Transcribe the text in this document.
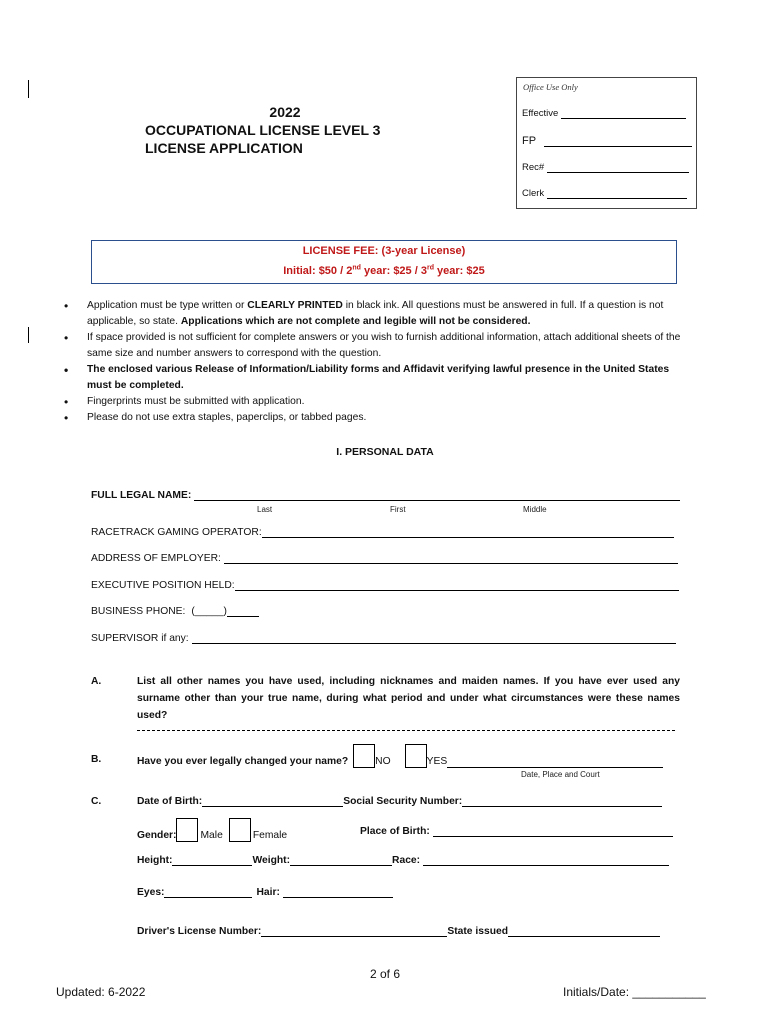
2022
OCCUPATIONAL LICENSE LEVEL 3
LICENSE APPLICATION
Office Use Only
Effective
FP
Rec#
Clerk
LICENSE FEE: (3-year License)
Initial: $50 / 2nd year: $25 / 3rd year: $25
• Application must be type written or CLEARLY PRINTED in black ink. All questions must be answered in full. If a question is not applicable, so state. Applications which are not complete and legible will not be considered.
• If space provided is not sufficient for complete answers or you wish to furnish additional information, attach additional sheets of the same size and number answers to correspond with the question.
• The enclosed various Release of Information/Liability forms and Affidavit verifying lawful presence in the United States must be completed.
• Fingerprints must be submitted with application.
• Please do not use extra staples, paperclips, or tabbed pages.
I. PERSONAL DATA
FULL LEGAL NAME:
Last	First	Middle
RACETRACK GAMING OPERATOR:
ADDRESS OF EMPLOYER:
EXECUTIVE POSITION HELD:
BUSINESS PHONE: (_____)
SUPERVISOR if any:
A.	List all other names you have used, including nicknames and maiden names. If you have ever used any surname other than your true name, during what period and under what circumstances were these names used?
B.	Have you ever legally changed your name?	NO	YES
Date, Place and Court
C.	Date of Birth:	Social Security Number:
Gender: Male	Female	Place of Birth:
Height:	Weight:	Race:
Eyes:	Hair:
Driver's License Number:	State issued
2 of 6
Updated: 6-2022	Initials/Date: ___________
